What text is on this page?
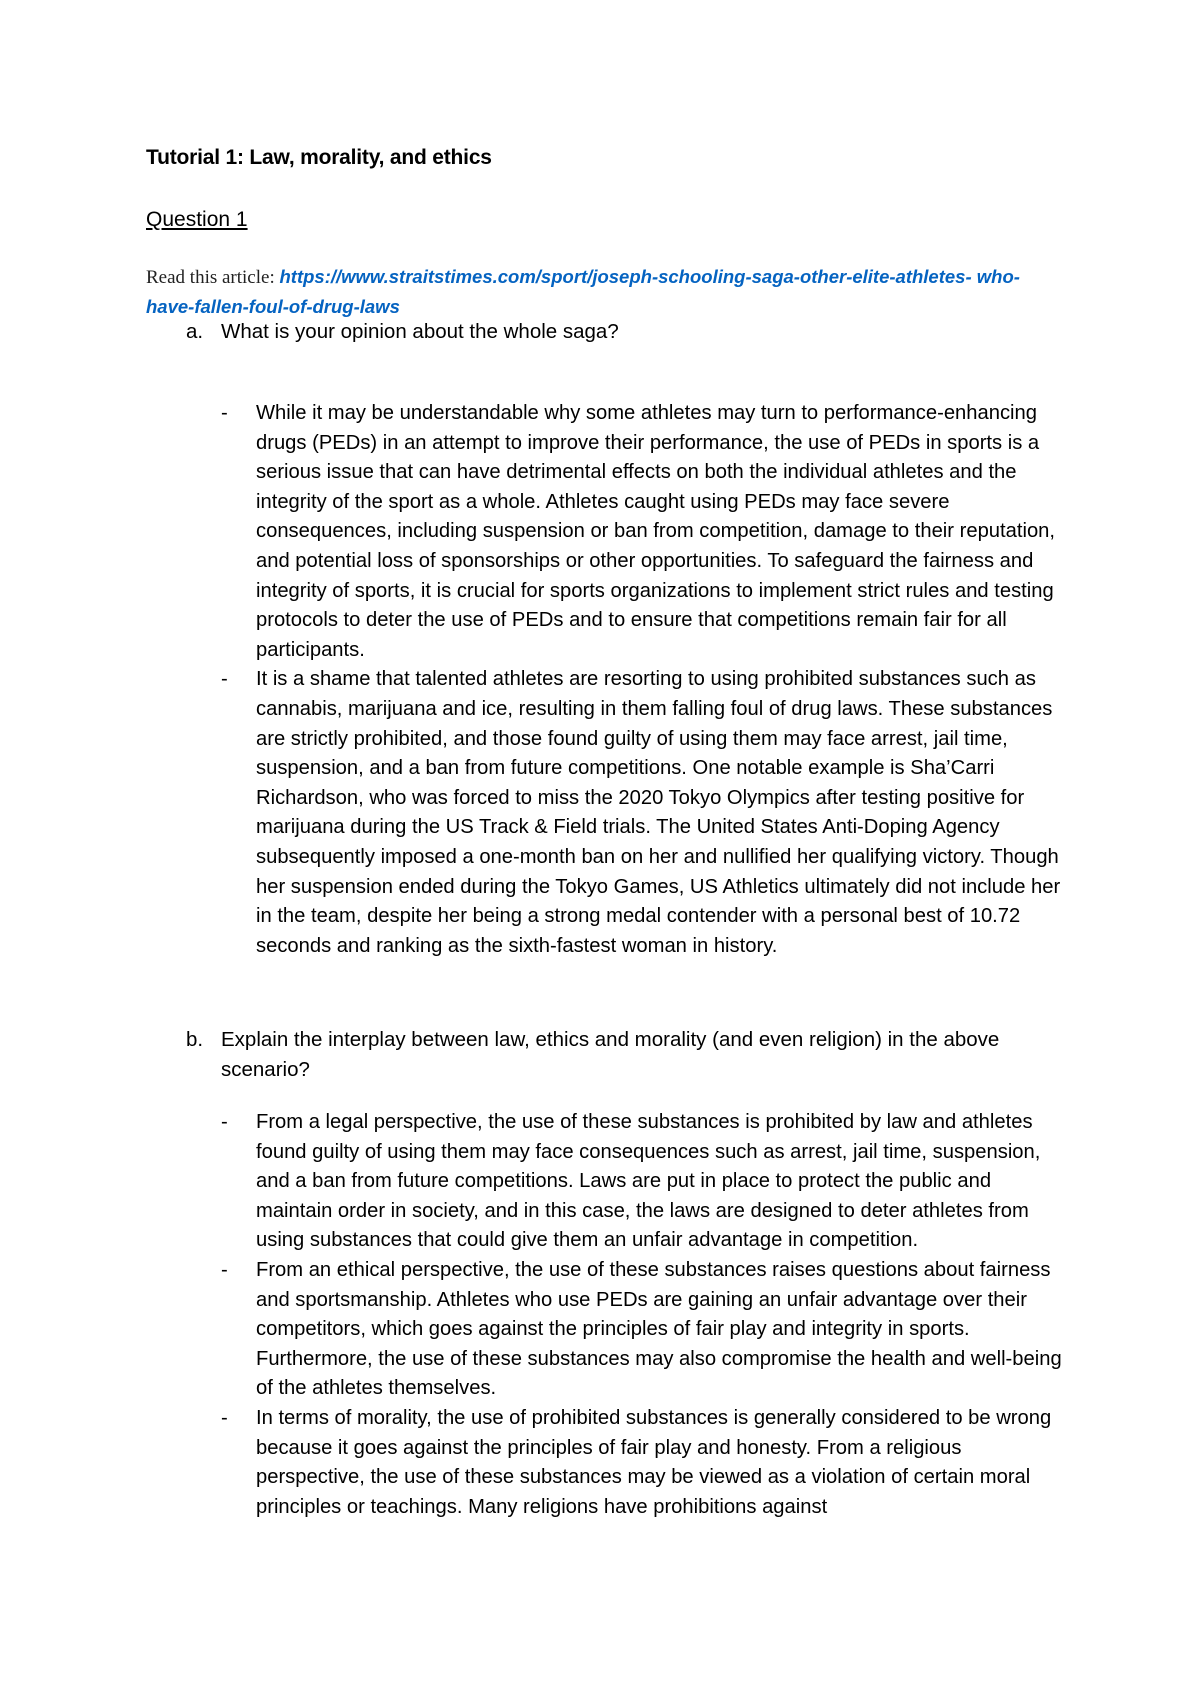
Tutorial 1: Law, morality, and ethics
Question 1
Read this article: https://www.straitstimes.com/sport/joseph-schooling-saga-other-elite-athletes- who-have-fallen-foul-of-drug-laws
a. What is your opinion about the whole saga?
- While it may be understandable why some athletes may turn to performance-enhancing drugs (PEDs) in an attempt to improve their performance, the use of PEDs in sports is a serious issue that can have detrimental effects on both the individual athletes and the integrity of the sport as a whole. Athletes caught using PEDs may face severe consequences, including suspension or ban from competition, damage to their reputation, and potential loss of sponsorships or other opportunities. To safeguard the fairness and integrity of sports, it is crucial for sports organizations to implement strict rules and testing protocols to deter the use of PEDs and to ensure that competitions remain fair for all participants.
- It is a shame that talented athletes are resorting to using prohibited substances such as cannabis, marijuana and ice, resulting in them falling foul of drug laws. These substances are strictly prohibited, and those found guilty of using them may face arrest, jail time, suspension, and a ban from future competitions. One notable example is Sha’Carri Richardson, who was forced to miss the 2020 Tokyo Olympics after testing positive for marijuana during the US Track & Field trials. The United States Anti-Doping Agency subsequently imposed a one-month ban on her and nullified her qualifying victory. Though her suspension ended during the Tokyo Games, US Athletics ultimately did not include her in the team, despite her being a strong medal contender with a personal best of 10.72 seconds and ranking as the sixth-fastest woman in history.
b. Explain the interplay between law, ethics and morality (and even religion) in the above scenario?
- From a legal perspective, the use of these substances is prohibited by law and athletes found guilty of using them may face consequences such as arrest, jail time, suspension, and a ban from future competitions. Laws are put in place to protect the public and maintain order in society, and in this case, the laws are designed to deter athletes from using substances that could give them an unfair advantage in competition.
- From an ethical perspective, the use of these substances raises questions about fairness and sportsmanship. Athletes who use PEDs are gaining an unfair advantage over their competitors, which goes against the principles of fair play and integrity in sports. Furthermore, the use of these substances may also compromise the health and well-being of the athletes themselves.
- In terms of morality, the use of prohibited substances is generally considered to be wrong because it goes against the principles of fair play and honesty. From a religious perspective, the use of these substances may be viewed as a violation of certain moral principles or teachings. Many religions have prohibitions against
